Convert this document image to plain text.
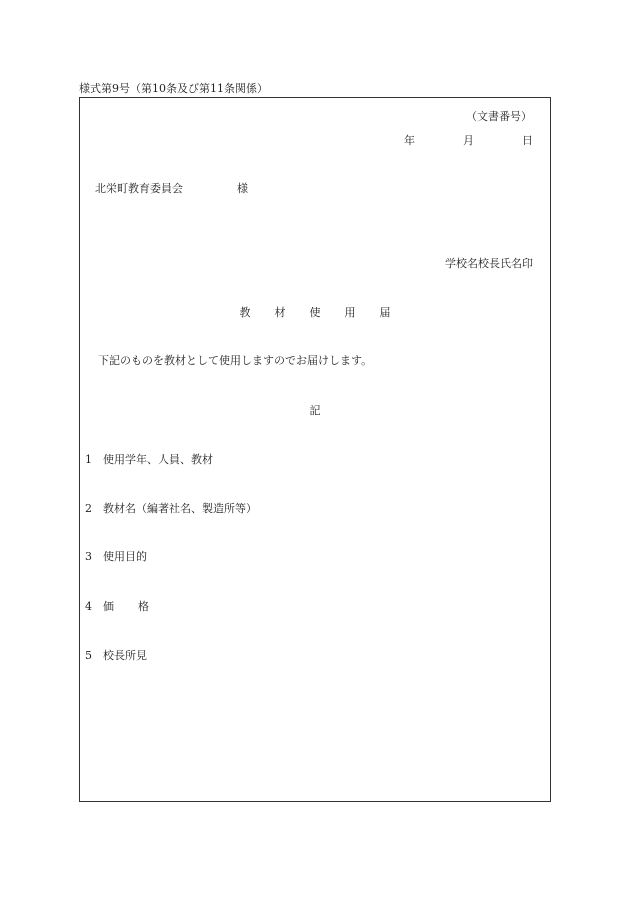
様式第9号（第10条及び第11条関係）
（文書番号）
年	月	日
北栄町教育委員会	様
学校名校長氏名印
教 材 使 用 届
下記のものを教材として使用しますのでお届けします。
記
1 使用学年、人員、教材
2 教材名（編著社名、製造所等）
3 使用目的
4 価 格
5 校長所見
